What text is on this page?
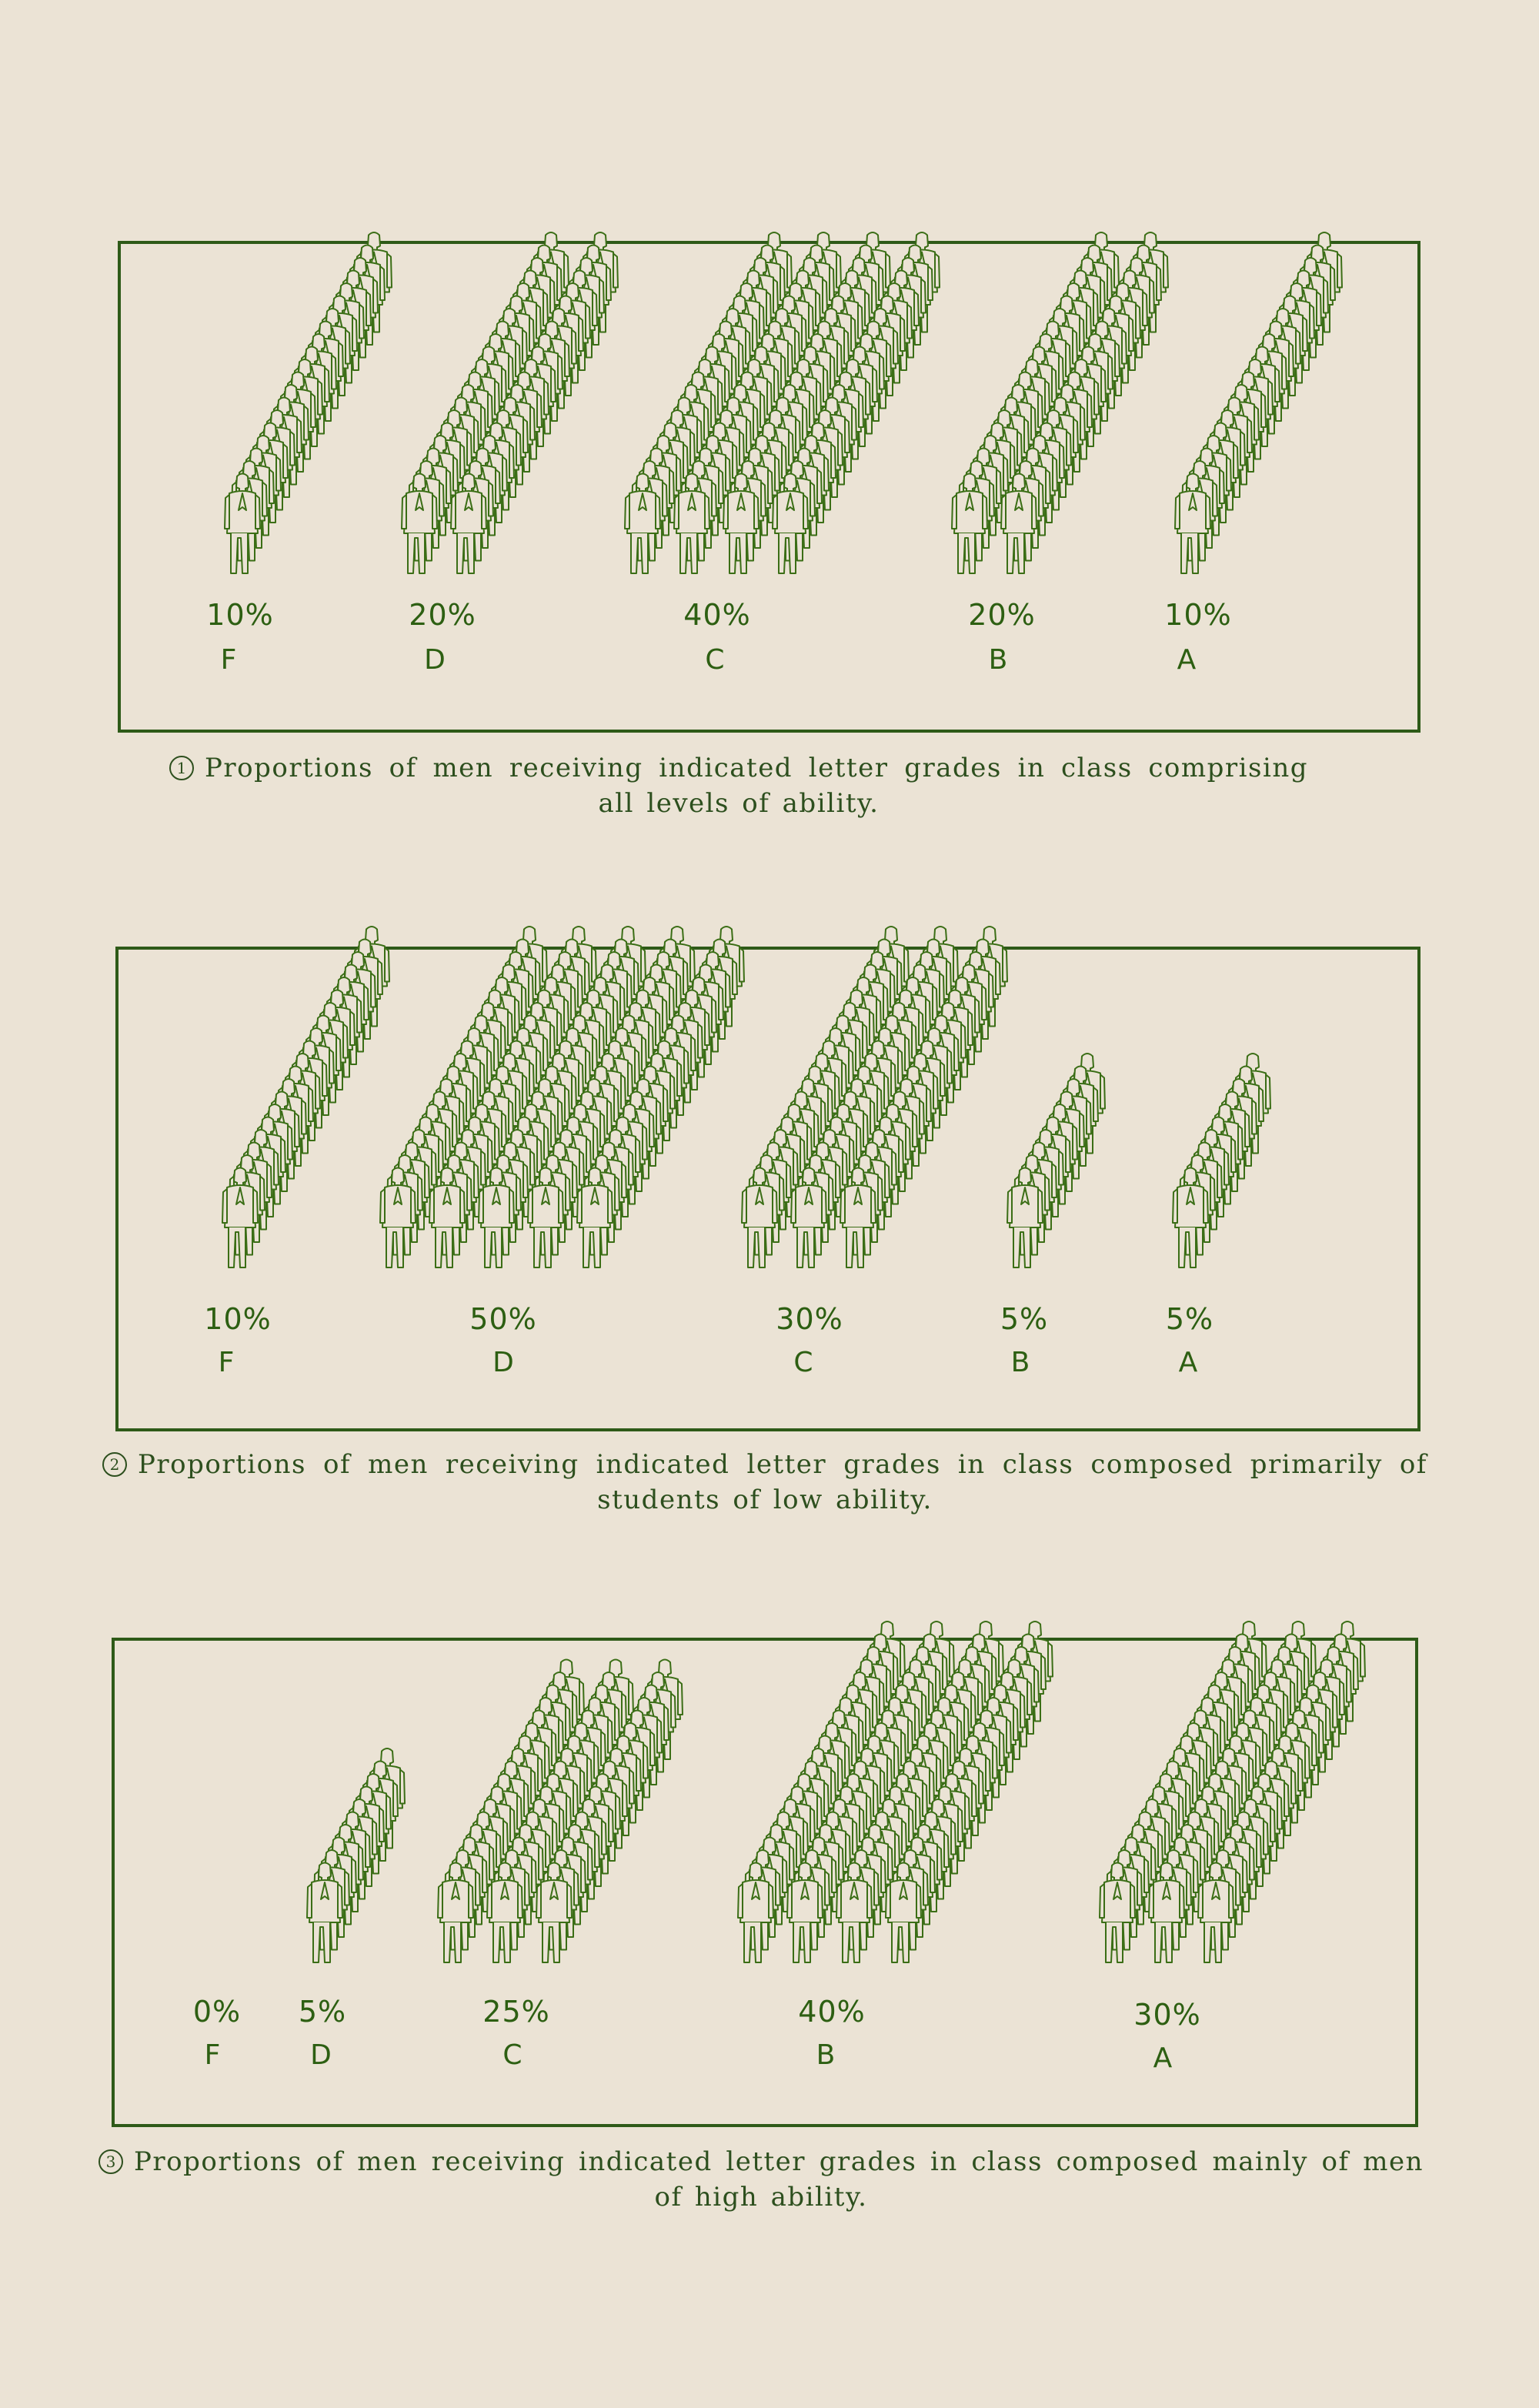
10%	20%	40%	20%	10%
F	D	C	B	A
1 Proportions of men receiving indicated letter grades in class comprising all levels of ability.
10%	50%	30%	5%	5%
F	D	C	B	A
2 Proportions of men receiving indicated letter grades in class composed primarily of students of low ability.
0% 5%	25%	40%	30%
F	D	C	B	A
3 Proportions of men receiving indicated letter grades in class composed mainly of men of high ability.
